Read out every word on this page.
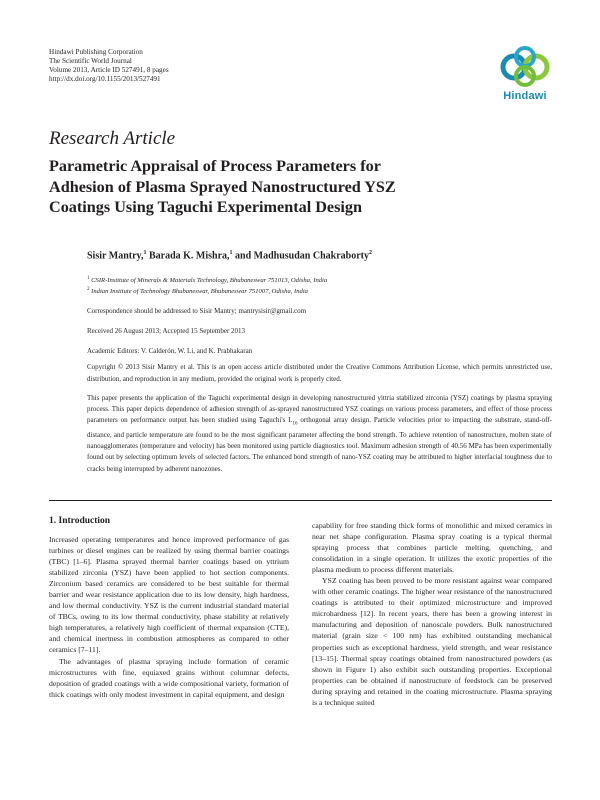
Hindawi Publishing Corporation
The Scientific World Journal
Volume 2013, Article ID 527491, 8 pages
http://dx.doi.org/10.1155/2013/527491
Hindawi
Research Article
Parametric Appraisal of Process Parameters for
Adhesion of Plasma Sprayed Nanostructured YSZ
Coatings Using Taguchi Experimental Design
Sisir Mantry,$^1$ Barada K. Mishra,$^1$ and Madhusudan Chakraborty$^2$
$^1$ CSIR-Institute of Minerals & Materials Technology, Bhubaneswar 751013, Odisha, India
$^2$ Indian Institute of Technology Bhubaneswar, Bhubaneswar 751007, Odisha, India
Correspondence should be addressed to Sisir Mantry; mantrysisir@gmail.com
Received 26 August 2013; Accepted 15 September 2013
Academic Editors: V. Calderón, W. Li, and K. Prabhakaran
Copyright © 2013 Sisir Mantry et al. This is an open access article distributed under the Creative Commons Attribution License, which permits unrestricted use, distribution, and reproduction in any medium, provided the original work is properly cited.
This paper presents the application of the Taguchi experimental design in developing nanostructured yittria stabilized zirconia (YSZ) coatings by plasma spraying process. This paper depicts dependence of adhesion strength of as-sprayed nanostructured YSZ coatings on various process parameters, and effect of those process parameters on performance output has been studied using Taguchi's $L_{16}$ orthogonal array design. Particle velocities prior to impacting the substrate, stand-off-distance, and particle temperature are found to be the most significant parameter affecting the bond strength. To achieve retention of nanostructure, molten state of nanoagglomerates (temperature and velocity) has been monitored using particle diagnostics tool. Maximum adhesion strength of 40.56 MPa has been experimentally found out by selecting optimum levels of selected factors. The enhanced bond strength of nano-YSZ coating may be attributed to higher interfacial toughness due to cracks being interrupted by adherent nanozones.
1. Introduction

Increased operating temperatures and hence improved performance of gas turbines or diesel engines can be realized by using thermal barrier coatings (TBC) [1–6]. Plasma sprayed thermal barrier coatings based on yttrium stabilized zirconia (YSZ) have been applied to hot section components. Zirconium based ceramics are considered to be best suitable for thermal barrier and wear resistance application due to its low density, high hardness, and low thermal conductivity. YSZ is the current industrial standard material of TBCs, owing to its low thermal conductivity, phase stability at relatively high temperatures, a relatively high coefficient of thermal expansion (CTE), and chemical inertness in combustion atmospheres as compared to other ceramics [7–11].

The advantages of plasma spraying include formation of ceramic microstructures with fine, equiaxed grains without columnar defects, deposition of graded coatings with a wide compositional variety, formation of thick coatings with only modest investment in capital equipment, and design

capability for free standing thick forms of monolithic and mixed ceramics in near net shape configuration. Plasma spray coating is a typical thermal spraying process that combines particle melting, quenching, and consolidation in a single operation. It utilizes the exotic properties of the plasma medium to process different materials.

YSZ coating has been proved to be more resistant against wear compared with other ceramic coatings. The higher wear resistance of the nanostructured coatings is attributed to their optimized microstructure and improved microhardness [12]. In recent years, there has been a growing interest in manufacturing and deposition of nanoscale powders. Bulk nanostructured material (grain size < 100 nm) has exhibited outstanding mechanical properties such as exceptional hardness, yield strength, and wear resistance [13–15]. Thermal spray coatings obtained from nanostructured powders (as shown in Figure 1) also exhibit such outstanding properties. Exceptional properties can be obtained if nanostructure of feedstock can be preserved during spraying and retained in the coating microstructure. Plasma spraying is a technique suited
